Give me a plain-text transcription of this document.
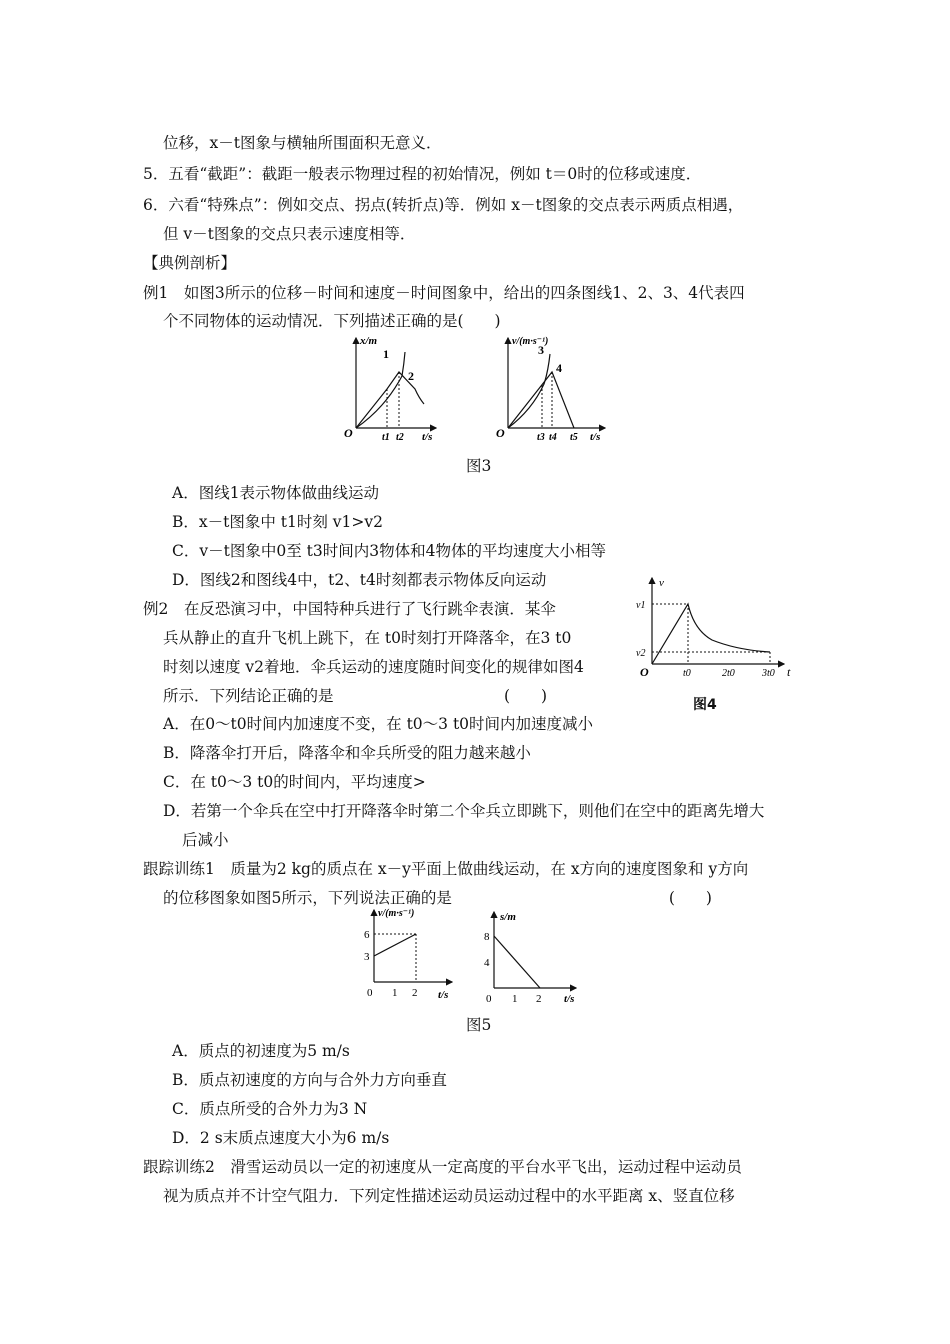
位移，x－t图象与横轴所围面积无意义．
5．五看“截距”：截距一般表示物理过程的初始情况，例如 t＝0时的位移或速度．
6．六看“特殊点”：例如交点、拐点(转折点)等．例如 x－t图象的交点表示两质点相遇，
但 v－t图象的交点只表示速度相等．
【典例剖析】
例1　如图3所示的位移－时间和速度－时间图象中，给出的四条图线1、2、3、4代表四
个不同物体的运动情况．下列描述正确的是(　　)
x/m
t/s
O
1
2
t1 t2
v/(m·s⁻¹)
t/s
O
3
4
t3 t4 t5
图3
A．图线1表示物体做曲线运动
B．x－t图象中 t1时刻 v1>v2
C．v－t图象中0至 t3时间内3物体和4物体的平均速度大小相等
D．图线2和图线4中，t2、t4时刻都表示物体反向运动	v
t
O
v1
v2
t0	2t0	3t0
图4
例2　在反恐演习中，中国特种兵进行了飞行跳伞表演．某伞
兵从静止的直升飞机上跳下，在 t0时刻打开降落伞，在3 t0
时刻以速度 v2着地．伞兵运动的速度随时间变化的规律如图4
所示．下列结论正确的是　　　　　　　　　　　(　　)
A．在0～t0时间内加速度不变，在 t0～3 t0时间内加速度减小
B．降落伞打开后，降落伞和伞兵所受的阻力越来越小
C．在 t0～3 t0的时间内，平均速度>
D．若第一个伞兵在空中打开降落伞时第二个伞兵立即跳下，则他们在空中的距离先增大
后减小
跟踪训练1　质量为2 kg的质点在 x－y平面上做曲线运动，在 x方向的速度图象和 y方向
的位移图象如图5所示，下列说法正确的是　　　　　　　　　　　　　　(　　)
v/(m·s⁻¹)
t/s
0
6
3
1 2
s/m
t/s
0
8
4
1 2
图5
A．质点的初速度为5 m/s
B．质点初速度的方向与合外力方向垂直
C．质点所受的合外力为3 N
D．2 s末质点速度大小为6 m/s
跟踪训练2　滑雪运动员以一定的初速度从一定高度的平台水平飞出，运动过程中运动员
视为质点并不计空气阻力．下列定性描述运动员运动过程中的水平距离 x、竖直位移
